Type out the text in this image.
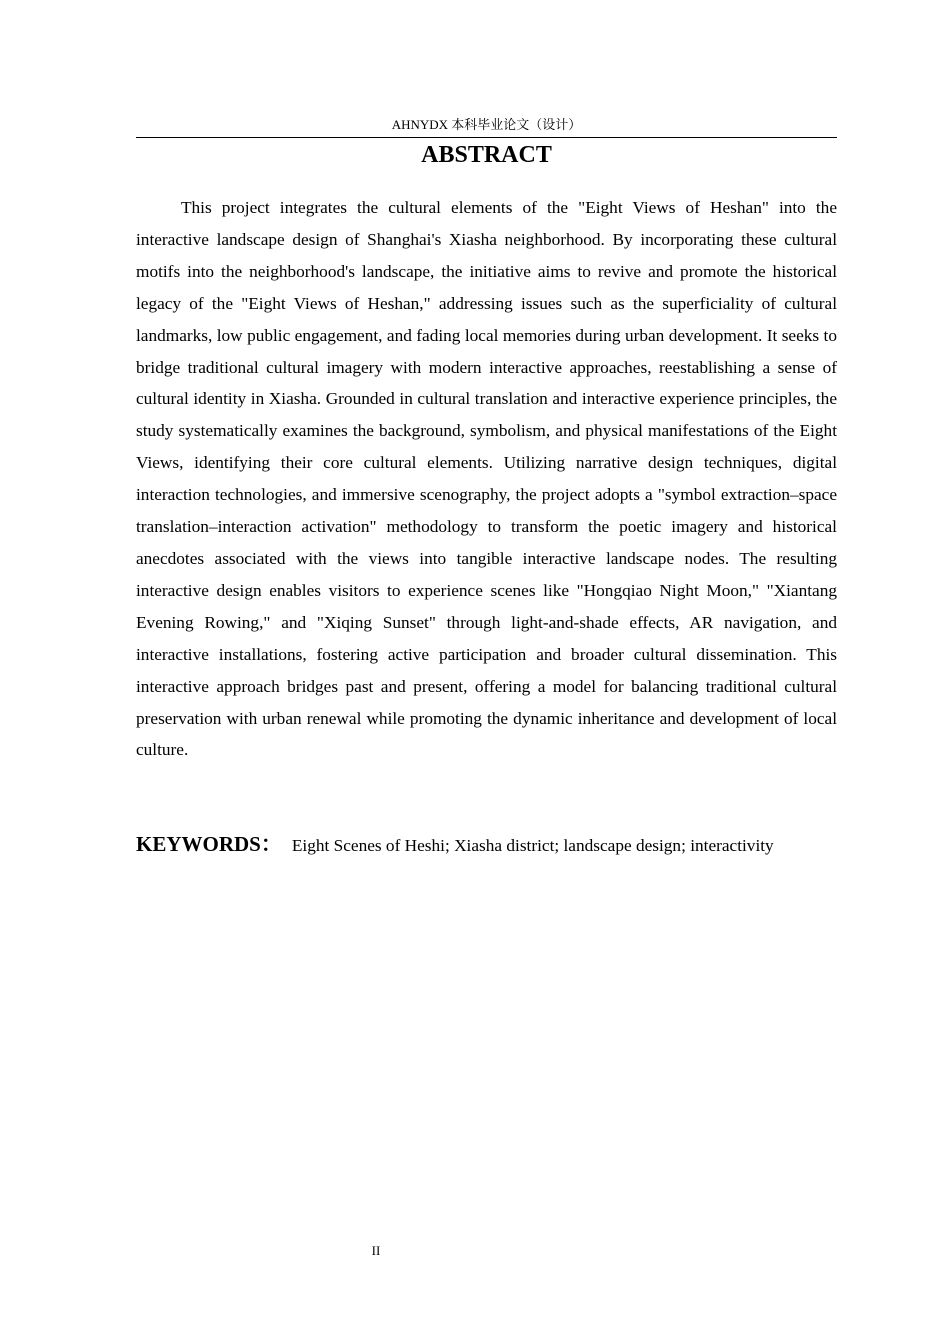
AHNYDX 本科毕业论文（设计）
ABSTRACT

This project integrates the cultural elements of the "Eight Views of Heshan" into the interactive landscape design of Shanghai's Xiasha neighborhood. By incorporating these cultural motifs into the neighborhood's landscape, the initiative aims to revive and promote the historical legacy of the "Eight Views of Heshan," addressing issues such as the superficiality of cultural landmarks, low public engagement, and fading local memories during urban development. It seeks to bridge traditional cultural imagery with modern interactive approaches, reestablishing a sense of cultural identity in Xiasha. Grounded in cultural translation and interactive experience principles, the study systematically examines the background, symbolism, and physical manifestations of the Eight Views, identifying their core cultural elements. Utilizing narrative design techniques, digital interaction technologies, and immersive scenography, the project adopts a "symbol extraction–space translation–interaction activation" methodology to transform the poetic imagery and historical anecdotes associated with the views into tangible interactive landscape nodes. The resulting interactive design enables visitors to experience scenes like "Hongqiao Night Moon," "Xiantang Evening Rowing," and "Xiqing Sunset" through light-and-shade effects, AR navigation, and interactive installations, fostering active participation and broader cultural dissemination. This interactive approach bridges past and present, offering a model for balancing traditional cultural preservation with urban renewal while promoting the dynamic inheritance and development of local culture.

KEYWORDS： Eight Scenes of Heshi; Xiasha district; landscape design; interactivity
II
